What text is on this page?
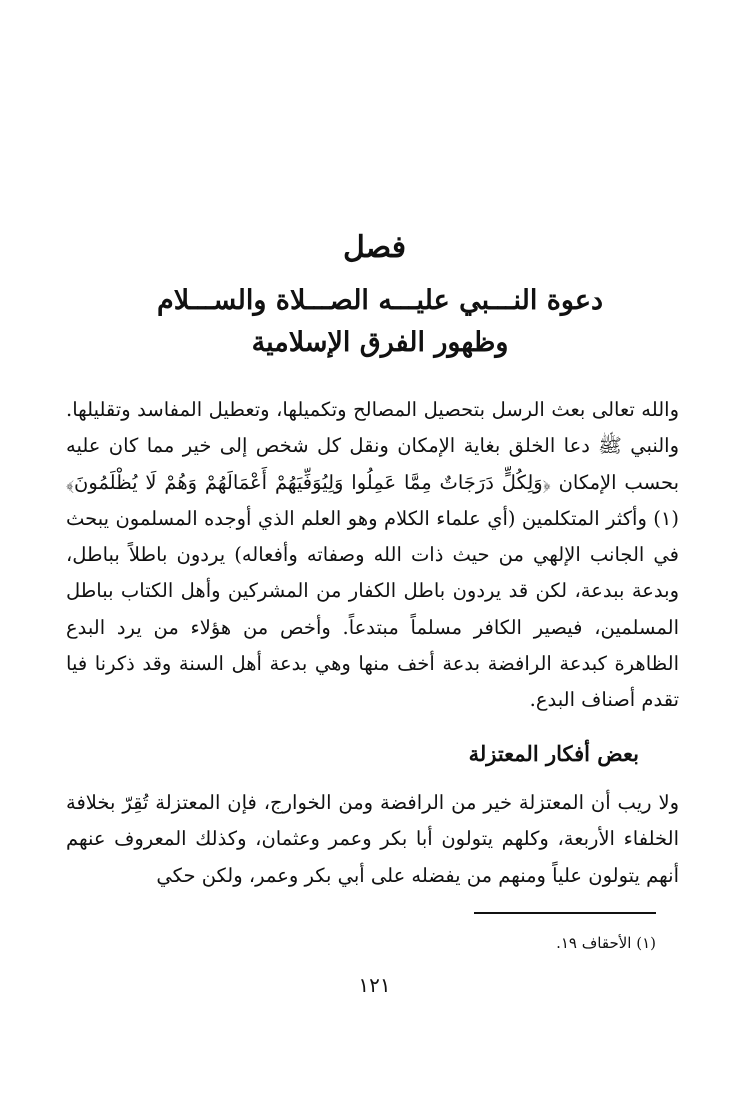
فصل
دعوة النـــبي عليـــه الصـــلاة والســـلام وظهور الفرق الإسلامية
والله تعالى بعث الرسل بتحصيل المصالح وتكميلها، وتعطيل المفاسد وتقليلها. والنبي ﷺ دعا الخلق بغاية الإمكان ونقل كل شخص إلى خير مما كان عليه بحسب الإمكان ﴿وَلِكُلٍّ دَرَجَاتٌ مِمَّا عَمِلُوا وَلِيُوَفِّيَهُمْ أَعْمَالَهُمْ وَهُمْ لَا يُظْلَمُونَ﴾(١) وأكثر المتكلمين (أي علماء الكلام وهو العلم الذي أوجده المسلمون يبحث في الجانب الإلهي من حيث ذات الله وصفاته وأفعاله) يردون باطلاً بباطل، وبدعة ببدعة، لكن قد يردون باطل الكفار من المشركين وأهل الكتاب بباطل المسلمين، فيصير الكافر مسلماً مبتدعاً. وأخص من هؤلاء من يرد البدع الظاهرة كبدعة الرافضة بدعة أخف منها وهي بدعة أهل السنة وقد ذكرنا فيا تقدم أصناف البدع.
بعض أفكار المعتزلة
ولا ريب أن المعتزلة خير من الرافضة ومن الخوارج، فإن المعتزلة تُقِرّ بخلافة الخلفاء الأربعة، وكلهم يتولون أبا بكر وعمر وعثمان، وكذلك المعروف عنهم أنهم يتولون علياً ومنهم من يفضله على أبي بكر وعمر، ولكن حكي
(١) الأحقاف ١٩.
١٢١
